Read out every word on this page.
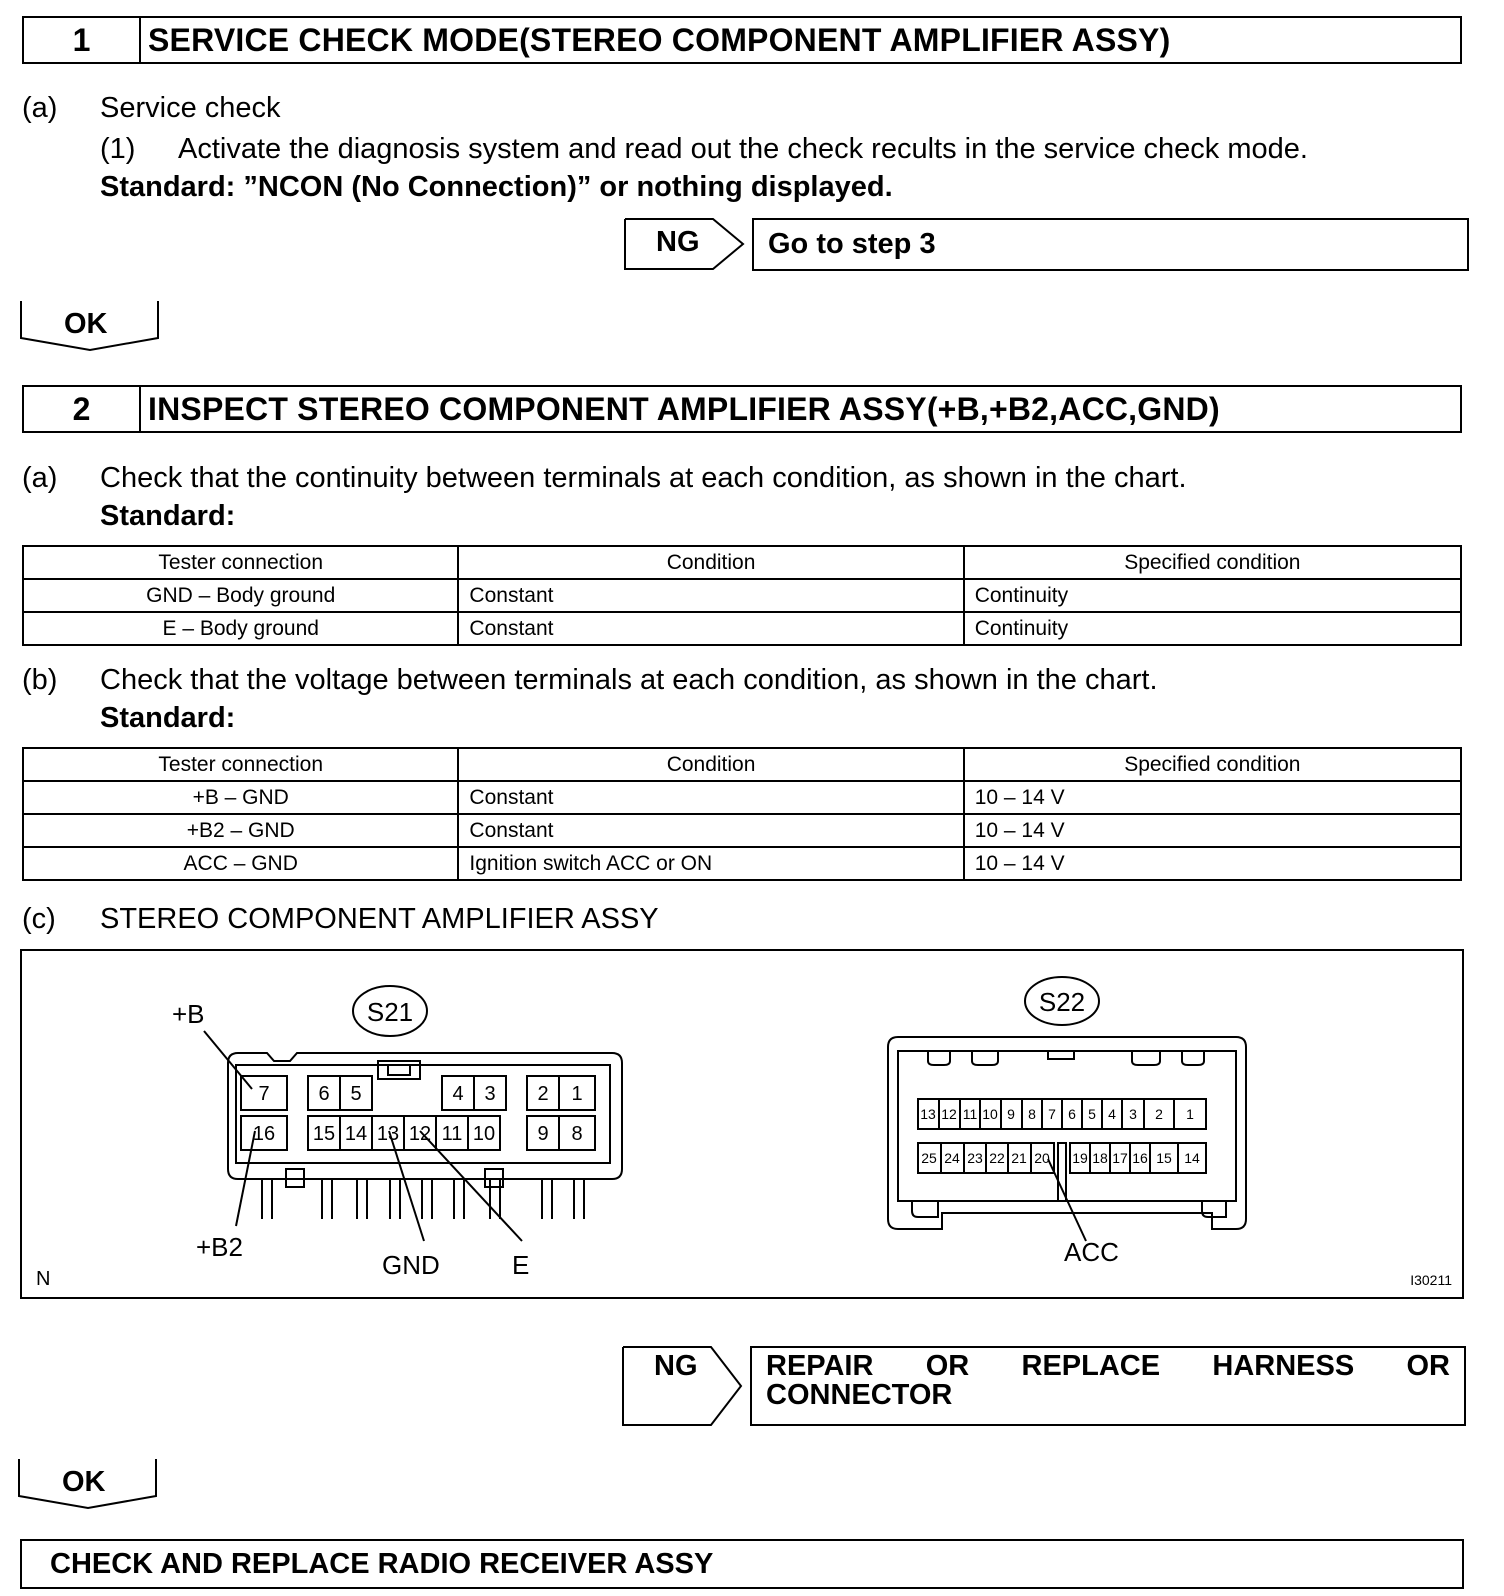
1	SERVICE CHECK MODE(STEREO COMPONENT AMPLIFIER ASSY)
(a) Service check
(1) Activate the diagnosis system and read out the check recults in the service check mode.
Standard: ”NCON (No Connection)” or nothing displayed.
NG Go to step 3
OK
2	INSPECT STEREO COMPONENT AMPLIFIER ASSY(+B,+B2,ACC,GND)
(a) Check that the continuity between terminals at each condition, as shown in the chart.
Standard:
Tester connection	Condition	Specified condition
GND – Body ground	Constant	Continuity
E – Body ground	Constant	Continuity
(b) Check that the voltage between terminals at each condition, as shown in the chart.
Standard:
Tester connection	Condition	Specified condition
+B – GND	Constant	10 – 14 V
+B2 – GND	Constant	10 – 14 V
ACC – GND	Ignition switch ACC or ON	10 – 14 V
(c) STEREO COMPONENT AMPLIFIER ASSY
S21
7 6 5	4 3 2 1
16 15 14 13 12 11 10 9 8
+B
+B2
GND	E
S22
13 12 11 10 9 8 7 6 5 4 3 2 1
25 24 23 22 21 20 19 18 17 16 15 14
ACC
N	I30211
NG REPAIR OR REPLACE HARNESS OR CONNECTOR
OK
CHECK AND REPLACE RADIO RECEIVER ASSY
